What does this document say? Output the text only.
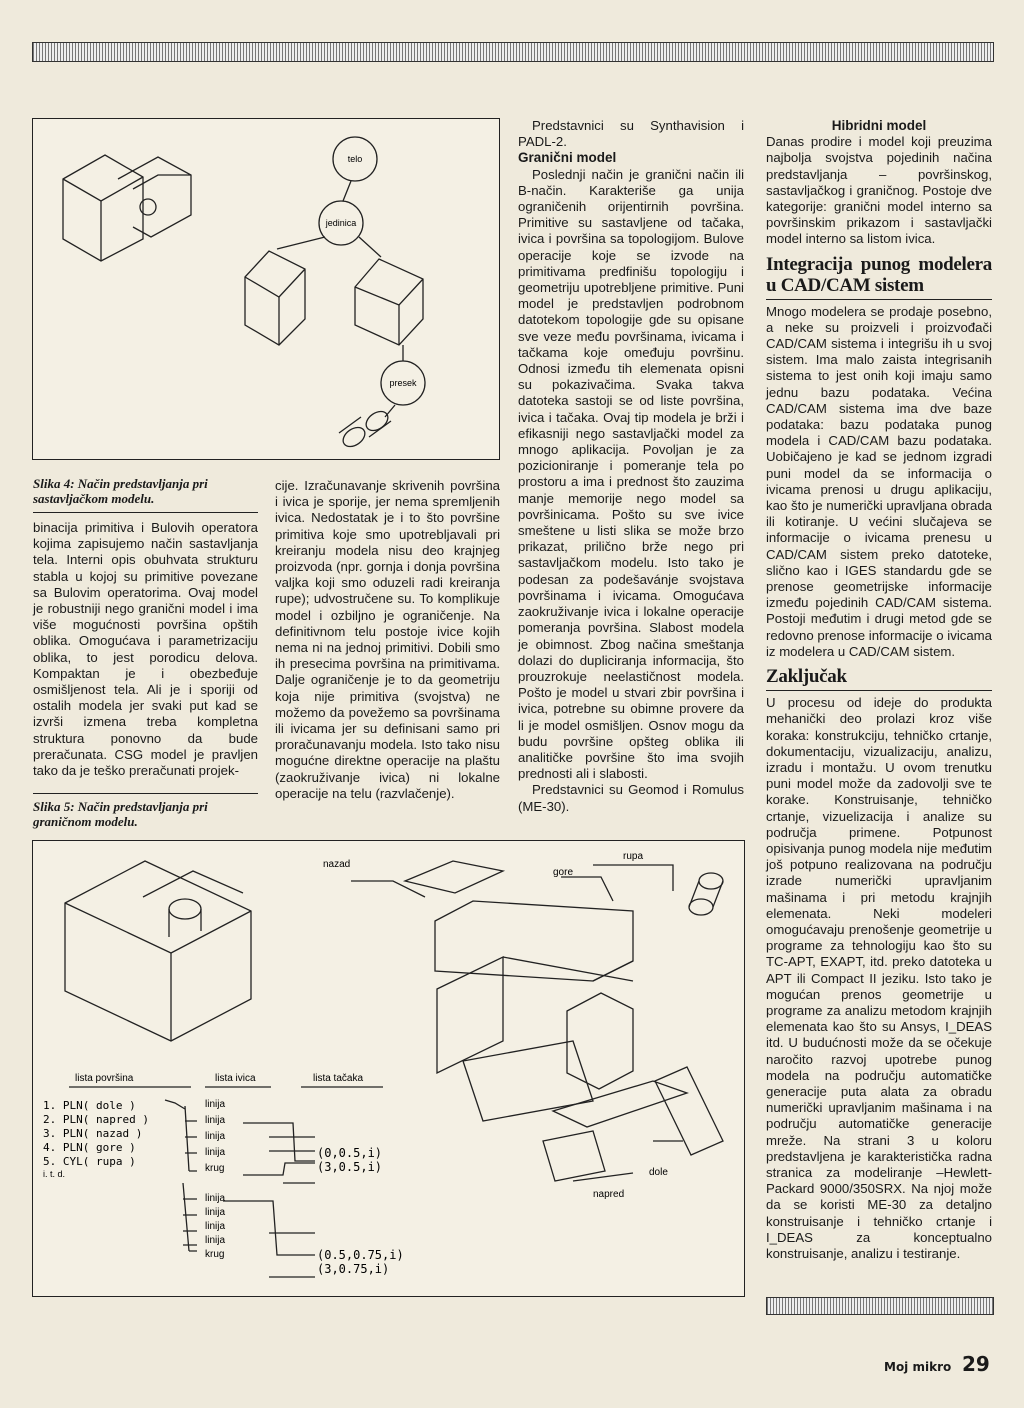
telo
jedinica
presek
Slika 4: Način predstavljanja pri sastavljačkom modelu.

binacija primitiva i Bulovih operatora kojima zapisujemo način sastavljanja tela. Interni opis obuhvata strukturu stabla u kojoj su primitive povezane sa Bulovim operatorima. Ovaj model je robustniji nego granični model i ima više mogućnosti površina opštih oblika. Omogućava i parametrizaciju oblika, to jest porodicu delova. Kompaktan je i obezbeđuje osmišljenost tela. Ali je i sporiji od ostalih modela jer svaki put kad se izvrši izmena treba kompletna struktura ponovno da bude preračunata. CSG model je pravljen tako da je teško preračunati projek-

Slika 5: Način predstavljanja pri graničnom modelu.

cije. Izračunavanje skrivenih površina i ivica je sporije, jer nema spremljenih ivica. Nedostatak je i to što površine primitiva koje smo upotrebljavali pri kreiranju modela nisu deo krajnjeg proizvoda (npr. gornja i donja površina valjka koji smo oduzeli radi kreiranja rupe); udvostručene su. To komplikuje model i ozbiljno je ograničenje. Na definitivnom telu postoje ivice kojih nema ni na jednoj primitivi. Dobili smo ih presecima površina na primitivama. Dalje ograničenje je to da geometriju koja nije primitiva (svojstva) ne možemo da povežemo sa površinama ili ivicama jer su definisani samo pri proračunavanju modela. Isto tako nisu mogućne direktne operacije na plaštu (zaokruživanje ivica) ni lokalne operacije na telu (razvlačenje).

Predstavnici su Synthavision i PADL-2.

Granični model

Poslednji način je granični način ili B-način. Karakteriše ga unija ograničenih orijentirnih površina. Primitive su sastavljene od tačaka, ivica i površina sa topologijom. Bulove operacije koje se izvode na primitivama predfinišu topologiju i geometriju upotrebljene primitive. Puni model je predstavljen podrobnom datotekom topologije gde su opisane sve veze među površinama, ivicama i tačkama koje omeđuju površinu. Odnosi između tih elemenata opisni su pokazivačima. Svaka takva datoteka sastoji se od liste površina, ivica i tačaka. Ovaj tip modela je brži i efikasniji nego sastavljački model za mnogo aplikacija. Povoljan je za pozicioniranje i pomeranje tela po prostoru a ima i prednost što zauzima manje memorije nego model sa površinicama. Pošto su sve ivice smeštene u listi slika se može brzo prikazat, prilično brže nego pri sastavljačkom modelu. Isto tako je podesan za podešavánje svojstava površinama i ivicama. Omogućava zaokruživanje ivica i lokalne operacije pomeranja površina. Slabost modela je obimnost. Zbog načina smeštanja dolazi do dupliciranja informacija, što prouzrokuje neelastičnost modela. Pošto je model u stvari zbir površina i ivica, potrebne su obimne provere da li je model osmišljen. Osnov mogu da budu površine opšteg oblika ili analitičke površine što ima svojih prednosti ali i slabosti.

Predstavnici su Geomod i Romulus (ME-30).

Hibridni model

Danas prodire i model koji preuzima najbolja svojstva pojedinih načina predstavljanja – površinskog, sastavljačkog i graničnog. Postoje dve kategorije: granični model interno sa površinskim prikazom i sastavljački model interno sa listom ivica.

Integracija punog modelera u CAD/CAM sistem

Mnogo modelera se prodaje posebno, a neke su proizveli i proizvođači CAD/CAM sistema i integrišu ih u svoj sistem. Ima malo zaista integrisanih sistema to jest onih koji imaju samo jednu bazu podataka. Većina CAD/CAM sistema ima dve baze podataka: bazu podataka punog modela i CAD/CAM bazu podataka. Uobičajeno je kad se jednom izgradi puni model da se informacija o ivicama prenosi u drugu aplikaciju, kao što je numerički upravljana obrada ili kotiranje. U većini slučajeva se informacije o ivicama prenesu u CAD/CAM sistem preko datoteke, slično kao i IGES standardu gde se prenose geometrijske informacije između pojedinih CAD/CAM sistema. Postoji međutim i drugi metod gde se redovno prenose informacije o ivicama iz modelera u CAD/CAM sistem.

Zaključak

U procesu od ideje do produkta mehanički deo prolazi kroz više koraka: konstrukciju, tehničko crtanje, dokumentaciju, vizualizaciju, analizu, izradu i montažu. U ovom trenutku puni model može da zadovolji sve te korake. Konstruisanje, tehničko crtanje, vizuelizacija i analize su područja primene. Potpunost opisivanja punog modela nije međutim još potpuno realizovana na području izrade numerički upravljanim mašinama i pri metodu krajnjih elemenata. Neki modeleri omogućavaju prenošenje geometrije u programe za tehnologiju kao što su TC-APT, EXAPT, itd. preko datoteka u APT ili Compact II jeziku. Isto tako je mogućan prenos geometrije u programe za analizu metodom krajnjih elemenata kao što su Ansys, I_DEAS itd. U budućnosti može da se očekuje naročito razvoj upotrebe punog modela na području automatičke generacije puta alata za obradu numerički upravljanim mašinama i na području automatičke generacije mreže. Na strani 3 u koloru predstavljena je karakteristička radna stranica za modeliranje –Hewlett-Packard 9000/350SRX. Na njoj može da se koristi ME-30 za detaljno konstruisanje i tehničko crtanje i I_DEAS za konceptualno konstruisanje, analizu i testiranje.

nazad
gore
rupa
dole
napred
lista površina	lista ivica	lista tačaka
1. PLN( dole )
2. PLN( napred )
3. PLN( nazad )
4. PLN( gore )
5. CYL( rupa )
i. t. d.
linija
linija
linija
linija
krug
linija
linija
linija
linija
krug
(0,0.5,i)
(3,0.5,i)
(0.5,0.75,i)
(3,0.75,i)
Moj mikro 29
